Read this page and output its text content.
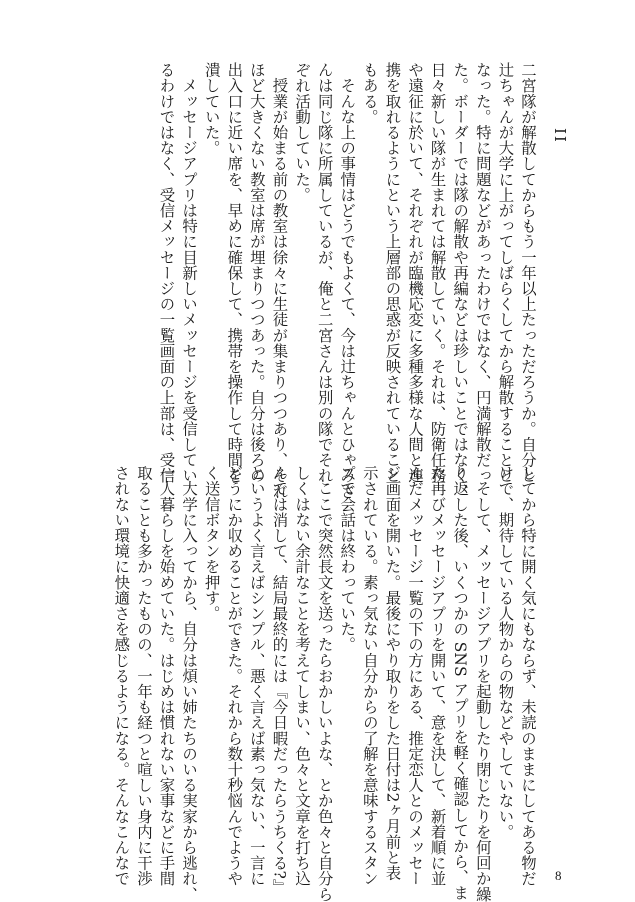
II
二宮隊が解散してからもう一年以上たっただろうか。自分と
辻ちゃんが大学に上がってしばらくしてから解散することと
なった。特に問題などがあったわけではなく、円満解散だっ
た。ボーダーでは隊の解散や再編などは珍しいことではなく、
日々新しい隊が生まれては解散していく。それは、防衛任務
や遠征に於いて、それぞれが臨機応変に多種多様な人間と連
携を取れるようにという上層部の思惑が反映されていること
もある。
　そんな上の事情はどうでもよくて、今は辻ちゃんとひゃみさ
んは同じ隊に所属しているが、俺と二宮さんは別の隊でそれ
ぞれ活動していた。
　授業が始まる前の教室は徐々に生徒が集まりつつあり、それ
ほど大きくない教室は席が埋まりつつあった。自分は後ろの
出入口に近い席を、早めに確保して、携帯を操作して時間を
潰していた。
　メッセージアプリは特に目新しいメッセージを受信してい
るわけではなく、受信メッセージの一覧画面の上部は、受信
してから特に開く気にもならず、未読のままにしてある物だ
けで、期待している人物からの物などやしていない。
　そして、メッセージアプリを起動したり閉じたりを何回か繰
り返した後、いくつかの SNS アプリを軽く確認してから、ま
た再びメッセージアプリを開いて、意を決して、新着順に並
んだメッセージ一覧の下の方にある、推定恋人とのメッセー
ジ画面を開いた。最後にやり取りをした日付は2ヶ月前と表
示されている。素っ気ない自分からの了解を意味するスタン
プで会話は終わっていた。
　ここで突然長文を送ったらおかしいよな、とか色々と自分ら
しくはない余計なことを考えてしまい、色々と文章を打ち込
んでは消して、結局最終的には『今日暇だったらうちくる?』
というよく言えばシンプル、悪く言えば素っ気ない、一言に
どうにか収めることができた。それから数十秒悩んでようや
く送信ボタンを押す。
　大学に入ってから、自分は煩い姉たちのいる実家から逃れ、
一人暮らしを始めていた。はじめは慣れない家事などに手間
取ることも多かったものの、一年も経つと喧しい身内に干渉
されない環境に快適さを感じるようになる。そんなこんなで	8
